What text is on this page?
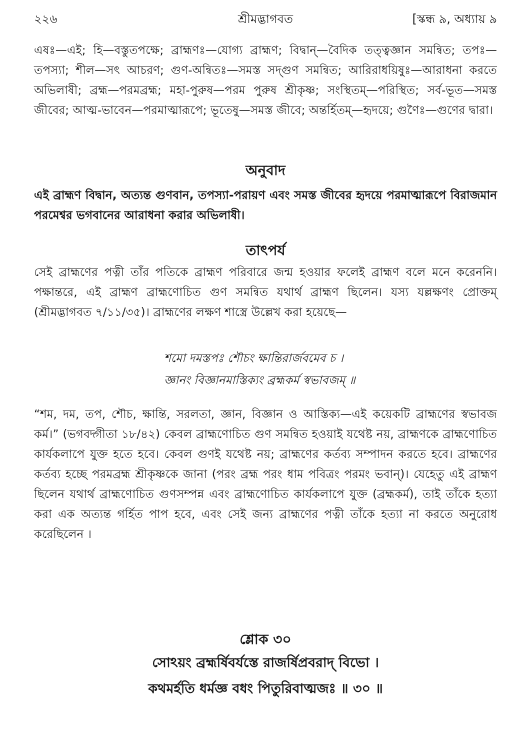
২২৬	শ্রীমদ্ভাগবত	[স্কন্ধ ৯, অধ্যায় ৯
এষঃ—এই; হি—বস্তুতপক্ষে; ব্রাহ্মণঃ—যোগ্য ব্রাহ্মণ; বিদ্বান্—বৈদিক তত্ত্বজ্ঞান সমন্বিত; তপঃ—তপস্যা; শীল—সৎ আচরণ; গুণ-অন্বিতঃ—সমস্ত সদ্‌গুণ সমন্বিত; আরিরাধয়িষুঃ—আরাধনা করতে অভিলাষী; ব্রহ্ম—পরমব্রহ্ম; মহা-পুরুষ—পরম পুরুষ শ্রীকৃষ্ণ; সংস্থিতম্—পরিস্থিত; সর্ব-ভূত—সমস্ত জীবের; আত্ম-ভাবেন—পরমাত্মারূপে; ভূতেষু—সমস্ত জীবে; অন্তর্হিতম্—হৃদয়ে; গুণৈঃ—গুণের দ্বারা।
অনুবাদ
এই ব্রাহ্মণ বিদ্বান, অত্যন্ত গুণবান, তপস্যা-পরায়ণ এবং সমস্ত জীবের হৃদয়ে পরমাত্মারূপে বিরাজমান পরমেশ্বর ভগবানের আরাধনা করার অভিলাষী।
তাৎপর্য
সেই ব্রাহ্মণের পত্নী তাঁর পতিকে ব্রাহ্মণ পরিবারে জন্ম হওয়ার ফলেই ব্রাহ্মণ বলে মনে করেননি। পক্ষান্তরে, এই ব্রাহ্মণ ব্রাহ্মণোচিত গুণ সমন্বিত যথার্থ ব্রাহ্মণ ছিলেন। যস্য যল্লক্ষণং প্রোক্তম্ (শ্রীমদ্ভাগবত ৭/১১/৩৫)। ব্রাহ্মণের লক্ষণ শাস্ত্রে উল্লেখ করা হয়েছে—
শমো দমস্তপঃ শৌচং ক্ষান্তিরার্জবমেব চ ।
জ্ঞানং বিজ্ঞানমাস্তিক্যং ব্রহ্মকর্ম স্বভাবজম্ ॥
“শম, দম, তপ, শৌচ, ক্ষান্তি, সরলতা, জ্ঞান, বিজ্ঞান ও আস্তিক্য—এই কয়েকটি ব্রাহ্মণের স্বভাবজ কর্ম।” (ভগবদ্গীতা ১৮/৪২) কেবল ব্রাহ্মণোচিত গুণ সমন্বিত হওয়াই যথেষ্ট নয়, ব্রাহ্মণকে ব্রাহ্মণোচিত কার্যকলাপে যুক্ত হতে হবে। কেবল গুণই যথেষ্ট নয়; ব্রাহ্মণের কর্তব্য সম্পাদন করতে হবে। ব্রাহ্মণের কর্তব্য হচ্ছে পরমব্রহ্ম শ্রীকৃষ্ণকে জানা (পরং ব্রহ্ম পরং ধাম পবিত্রং পরমং ভবান্)। যেহেতু এই ব্রাহ্মণ ছিলেন যথার্থ ব্রাহ্মণোচিত গুণসম্পন্ন এবং ব্রাহ্মণোচিত কার্যকলাপে যুক্ত (ব্রহ্মকর্ম), তাই তাঁকে হত্যা করা এক অত্যন্ত গর্হিত পাপ হবে, এবং সেই জন্য ব্রাহ্মণের পত্নী তাঁকে হত্যা না করতে অনুরোধ করেছিলেন ।
শ্লোক ৩০
সোঽয়ং ব্রহ্মর্ষিবর্যস্তে রাজর্ষিপ্রবরাদ্ বিভো ।
কথমর্হতি ধর্মজ্ঞ বধং পিতুরিবাত্মজঃ ॥ ৩০ ॥
